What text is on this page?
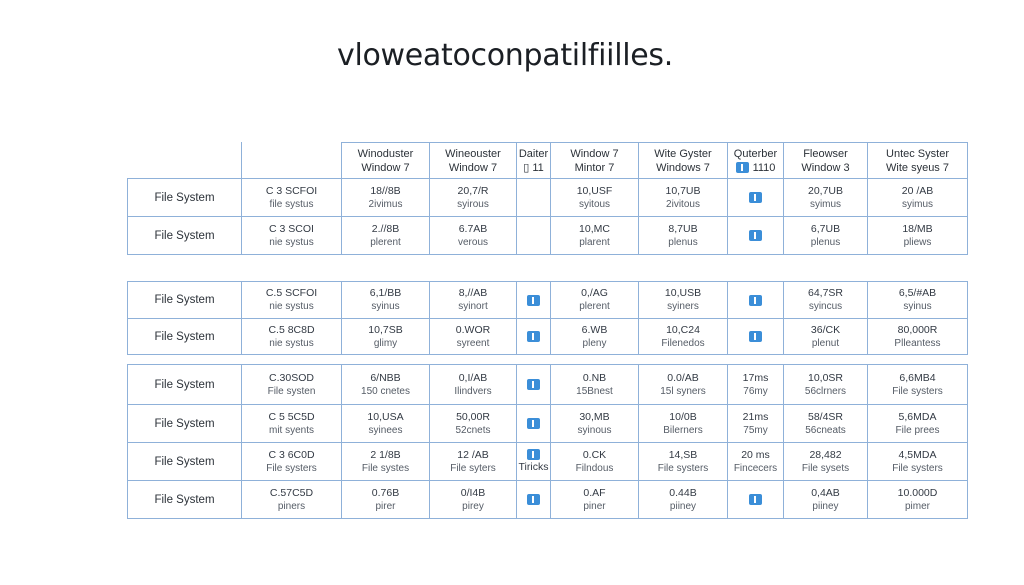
vloweatoconpatilfiilles.
Winoduster
Window 7
Wineouster
Window 7
Daiter
▯ 11
Window 7
Mintor 7
Wite Gyster
Windows 7
Quterber
1110
Fleowser
Window 3
Untec Syster
Wite syeus 7
File System
C 3 SCFOI
file systus
18//8B
2ivimus
20,7/R
syirous
10,USF
syitous
10,7UB
2ivitous
20,7UB
syimus
20 /AB
syimus
File System
C 3 SCOI
nie systus
2.//8B
plerent
6.7AB
verous
10,MC
plarent
8,7UB
plenus
6,7UB
plenus
18/MB
pliews
File System
C.5 SCFOI
nie systus
6,1/BB
syinus
8,//AB
syinort
0,/AG
plerent
10,USB
syiners
64,7SR
syincus
6,5/#AB
syinus
File System
C.5 8C8D
nie systus
10,7SB
glimy
0.WOR
syreent
6.WB
pleny
10,C24
Filenedos
36/CK
plenut
80,000R
Plleantess
File System
C.30SOD
File systen
6/NBB
150 cnetes
0,I/AB
Ilindvers
0.NB
15Bnest
0.0/AB
15l syners
17ms
76my
10,0SR
56clrners
6,6MB4
File systers
File System
C 5 5C5D
mit syents
10,USA
syinees
50,00R
52cnets
30,MB
syinous
10/0B
Bilerners
21ms
75my
58/4SR
56cneats
5,6MDA
File prees
File System
C 3 6C0D
File systers
2 1/8B
File systes
12 /AB
File syters Tiricks
0.CK
Filndous
14,SB
File systers
20 ms
Fincecers
28,482
File sysets
4,5MDA
File systers
File System
C.57C5D
piners
0.76B
pirer
0/I4B
pirey
0.AF
piner
0.44B
piiney
0,4AB
piiney
10.000D
pimer
